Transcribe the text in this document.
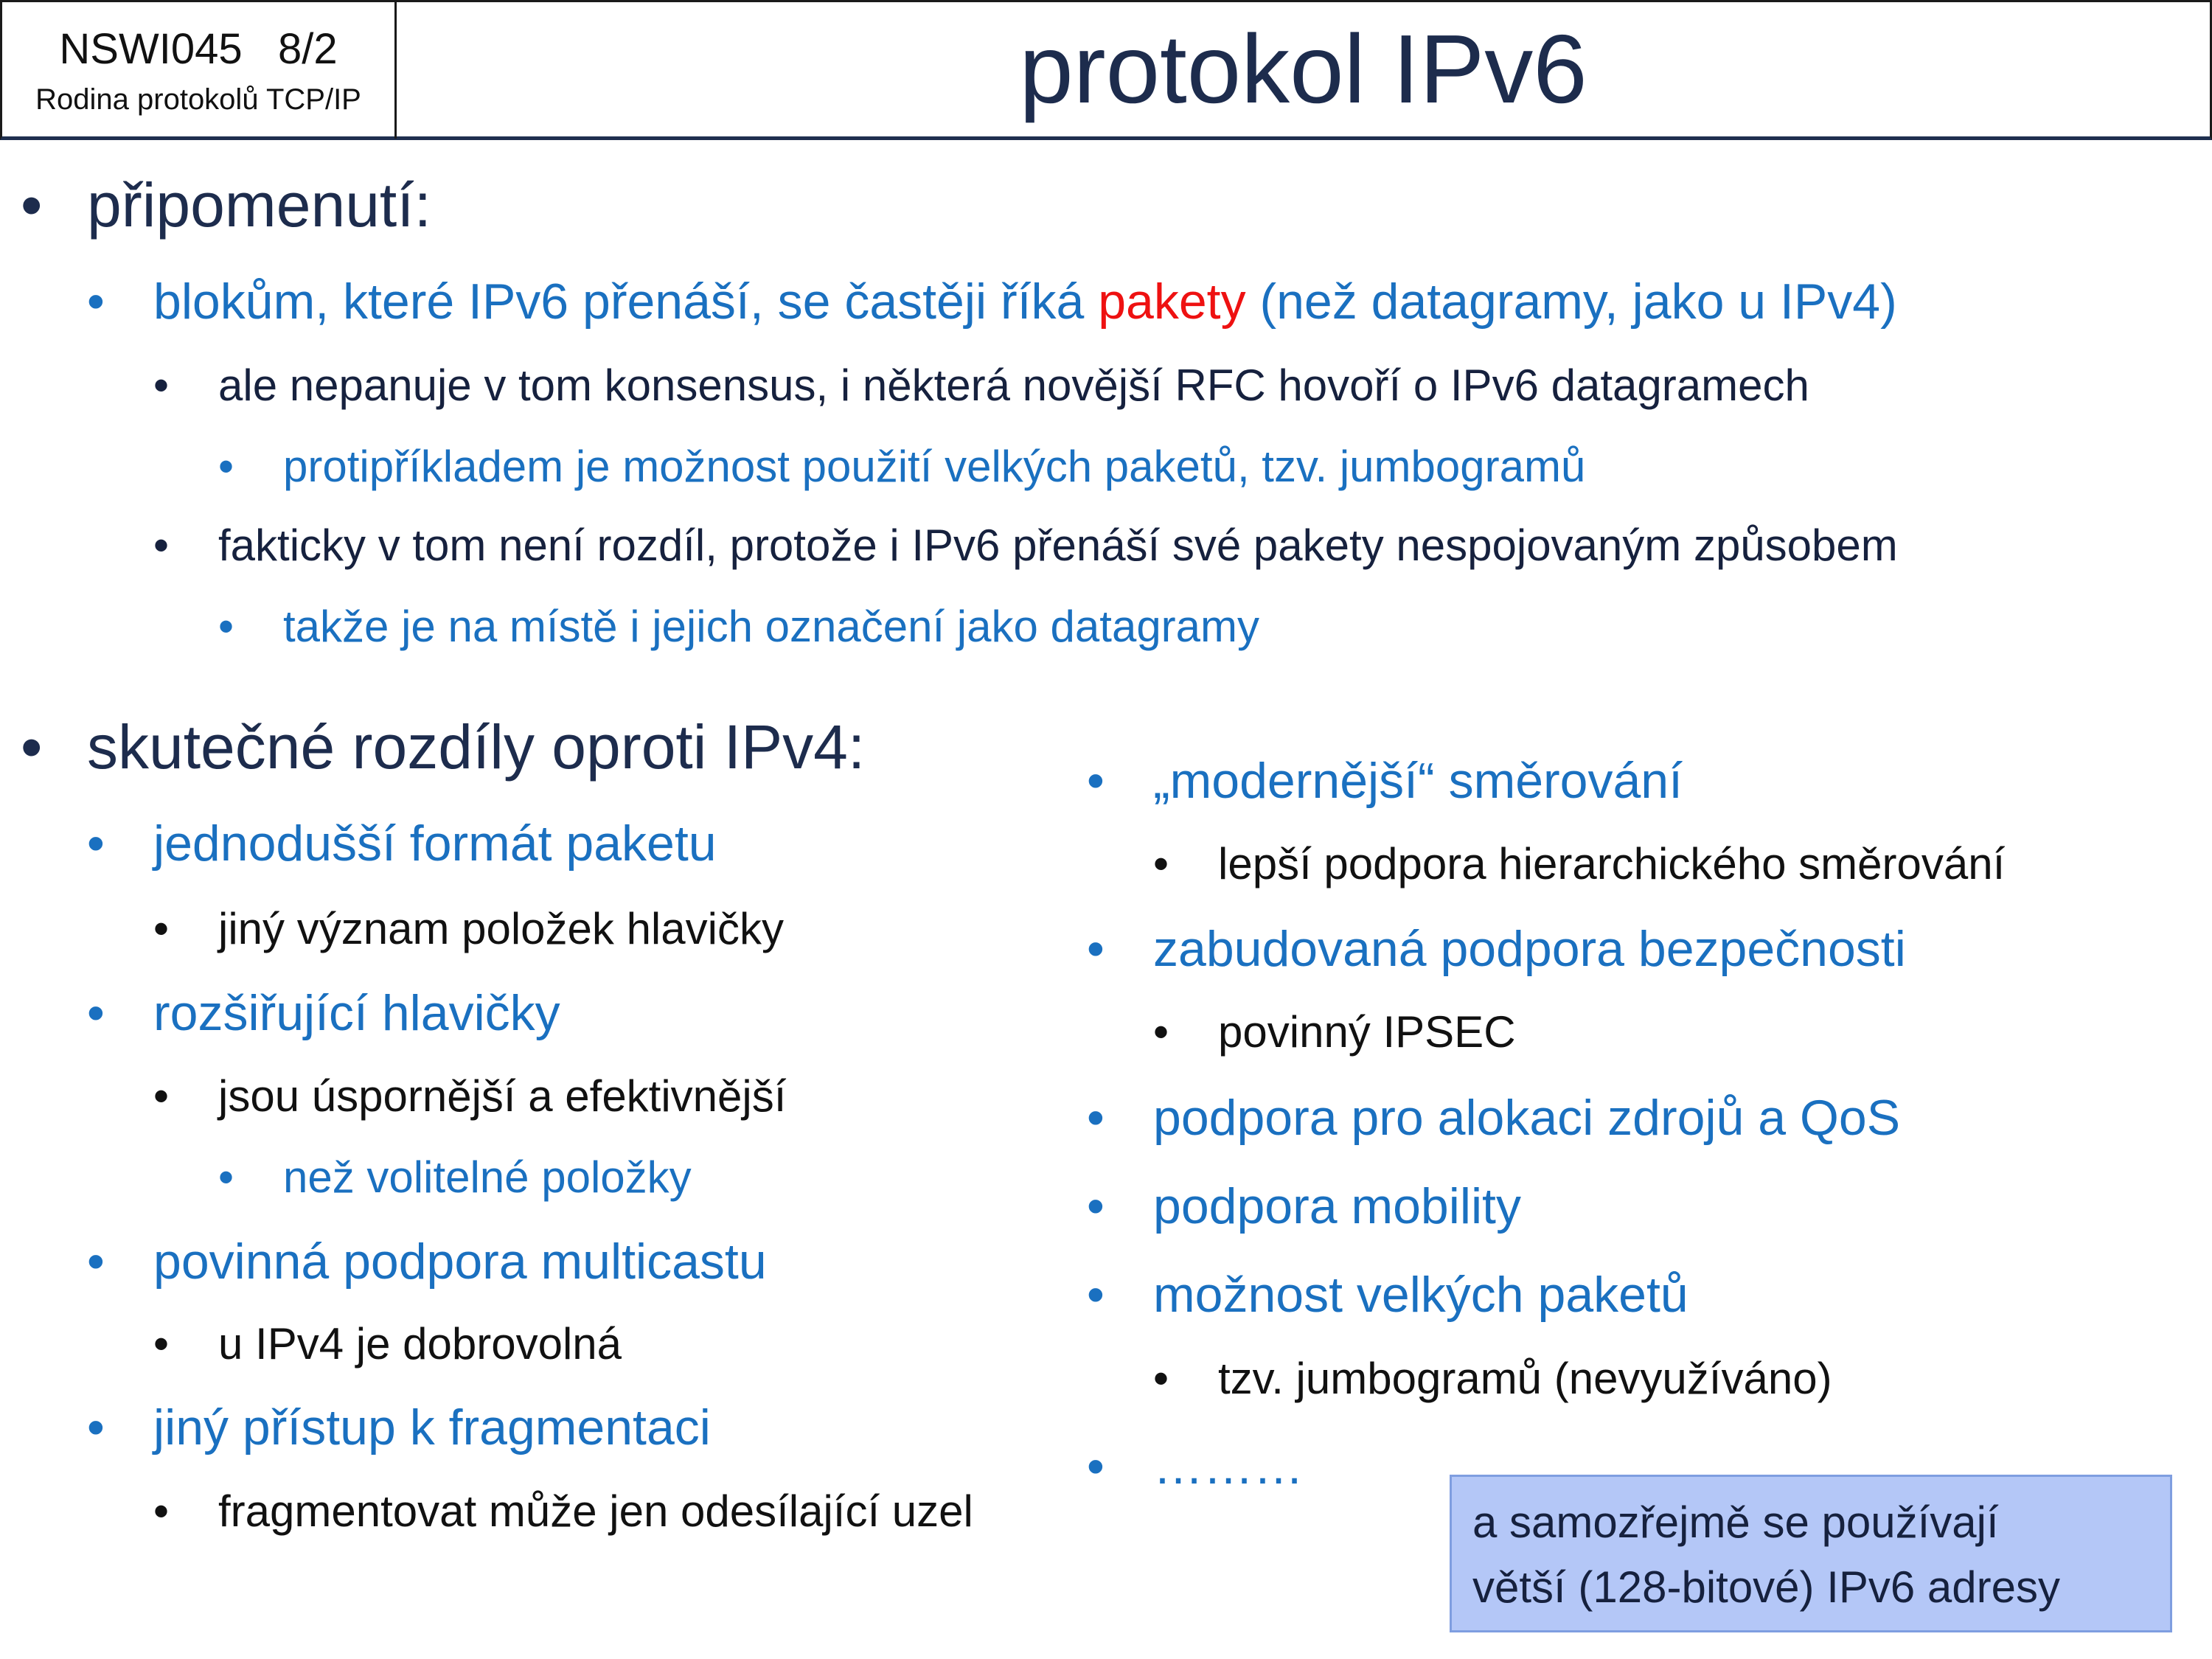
NSWI045   8/2
Rodina protokolů TCP/IP	protokol IPv6
• připomenutí:
• blokům, které IPv6 přenáší, se častěji říká pakety (než datagramy, jako u IPv4)
• ale nepanuje v tom konsensus, i některá novější RFC hovoří o IPv6 datagramech
• protipříkladem je možnost použití velkých paketů, tzv. jumbogramů
• fakticky v tom není rozdíl, protože i IPv6 přenáší své pakety nespojovaným způsobem
• takže je na místě i jejich označení jako datagramy
• skutečné rozdíly oproti IPv4:
• jednodušší formát paketu
• jiný význam položek hlavičky
• rozšiřující hlavičky
• jsou úspornější a efektivnější
• než volitelné položky
• povinná podpora multicastu
• u IPv4 je dobrovolná
• jiný přístup k fragmentaci
• fragmentovat může jen odesílající uzel
• „modernější“ směrování
• lepší podpora hierarchického směrování
• zabudovaná podpora bezpečnosti
• povinný IPSEC
• podpora pro alokaci zdrojů a QoS
• podpora mobility
• možnost velkých paketů
• tzv. jumbogramů (nevyužíváno)
• ………
a samozřejmě se používají
větší (128-bitové) IPv6 adresy
